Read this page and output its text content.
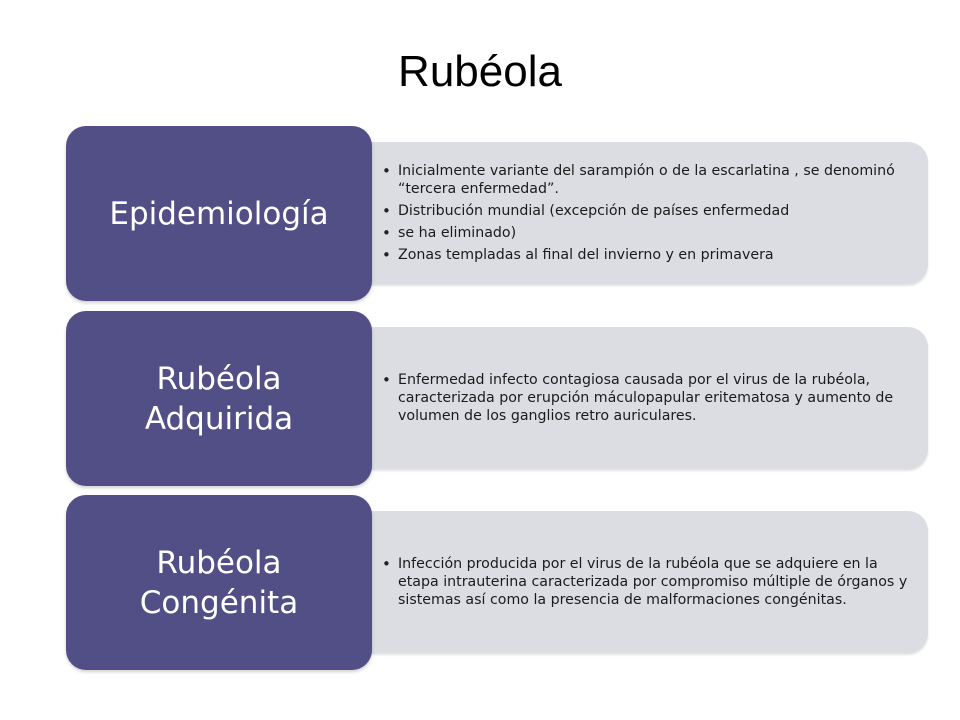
Rubéola
• Inicialmente variante del sarampión o de la escarlatina , se denominó “tercera enfermedad”.
• Distribución mundial (excepción de países enfermedad
• se ha eliminado)
• Zonas templadas al final del invierno y en primavera
Epidemiología
• Enfermedad infecto contagiosa causada por el virus de la rubéola, caracterizada por erupción máculopapular eritematosa y aumento de volumen de los ganglios retro auriculares.
Rubéola
Adquirida
• Infección producida por el virus de la rubéola que se adquiere en la etapa intrauterina caracterizada por compromiso múltiple de órganos y sistemas así como la presencia de malformaciones congénitas.
Rubéola
Congénita
